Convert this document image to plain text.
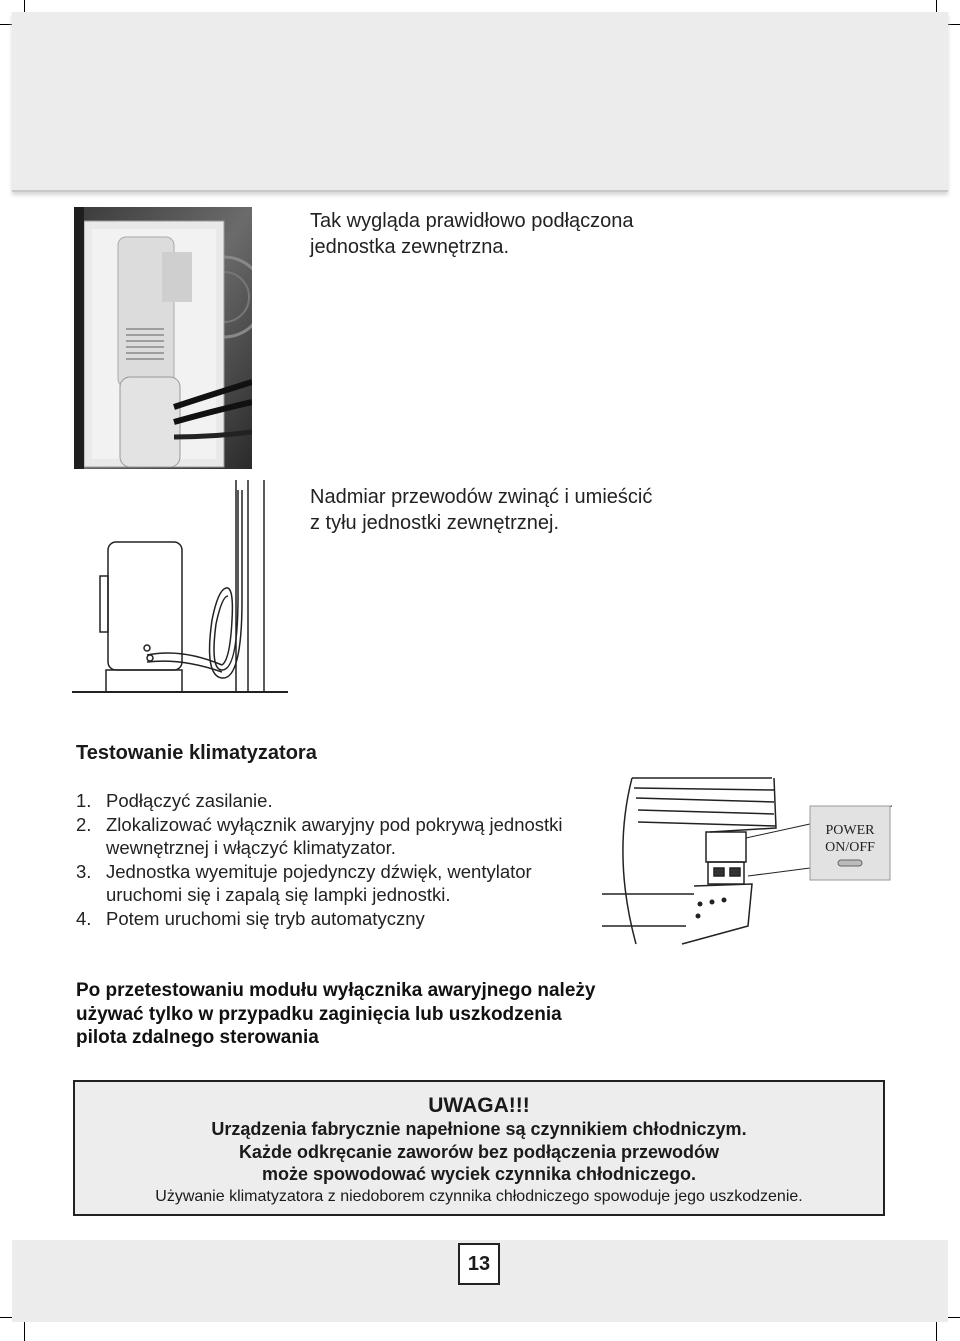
Tak wygląda prawidłowo podłączona
jednostka zewnętrzna.
Nadmiar przewodów zwinąć i umieścić
z tyłu jednostki zewnętrznej.
Testowanie klimatyzatora
1. Podłączyć zasilanie.
2. Zlokalizować wyłącznik awaryjny pod pokrywą jednostki wewnętrznej i włączyć klimatyzator.
3. Jednostka wyemituje pojedynczy dźwięk, wentylator uruchomi się i zapalą się lampki jednostki.
4. Potem uruchomi się tryb automatyczny
POWER
ON/OFF
Po przetestowaniu modułu wyłącznika awaryjnego należy używać tylko w przypadku zaginięcia lub uszkodzenia pilota zdalnego sterowania
UWAGA!!!
Urządzenia fabrycznie napełnione są czynnikiem chłodniczym.
Każde odkręcanie zaworów bez podłączenia przewodów
może spowodować wyciek czynnika chłodniczego.
Używanie klimatyzatora z niedoborem czynnika chłodniczego spowoduje jego uszkodzenie.
13
